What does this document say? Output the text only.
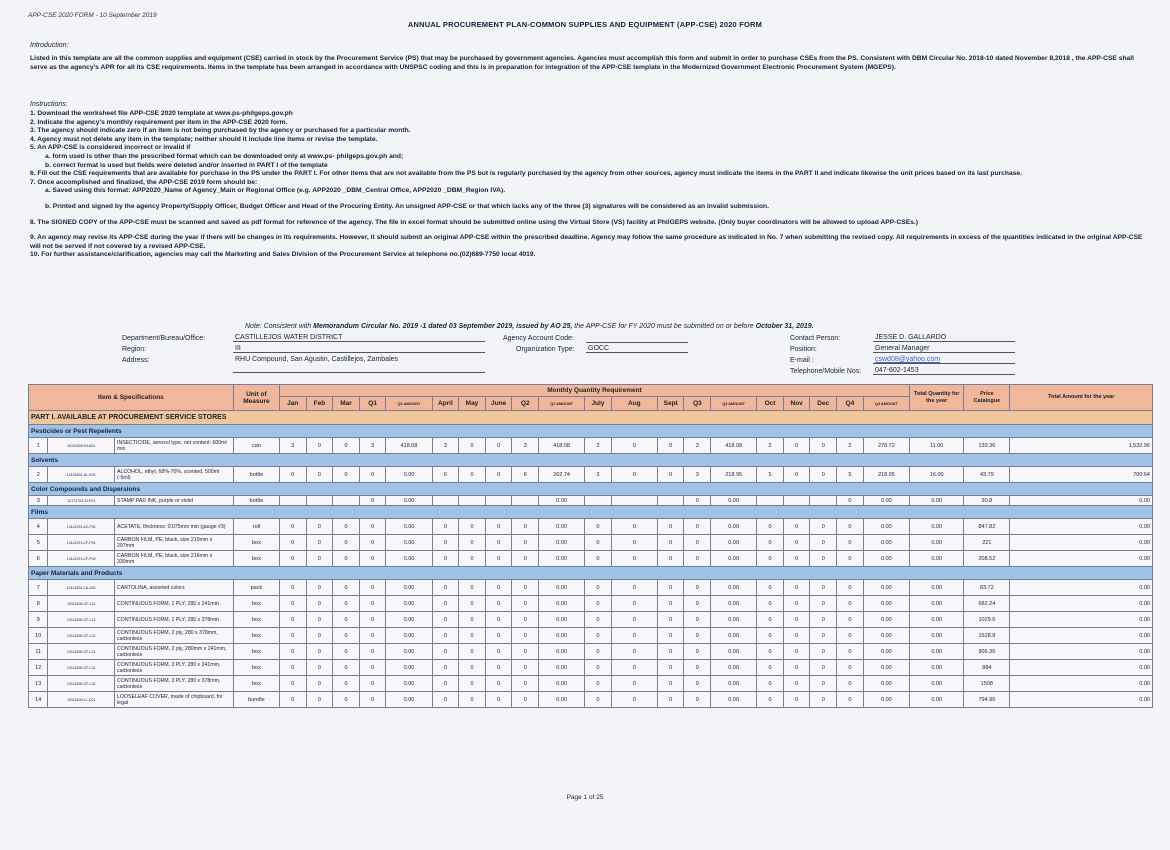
APP-CSE 2020 FORM - 10 September 2019
ANNUAL PROCUREMENT PLAN-COMMON SUPPLIES AND EQUIPMENT (APP-CSE) 2020 FORM
Introduction:
Listed in this template are all the common supplies and equipment (CSE) carried in stock by the Procurement Service (PS) that may be purchased by government agencies. Agencies must accomplish this form and submit in order to purchase CSEs from the PS. Consistent with DBM Circular No. 2018-10 dated November 8,2018 , the APP-CSE shall serve as the agency's APR for all its CSE requirements. Items in the template has been arranged in accordance with UNSPSC coding and this is in preparation for integration of the APP-CSE template in the Modernized Government Electronic Procurement System (MGEPS).
Instructions:
1. Download the worksheet file APP-CSE 2020 template at www.ps-philgeps.gov.ph
2. Indicate the agency's monthly requirement per item in the APP-CSE 2020 form.
3. The agency should indicate zero if an item is not being purchased by the agency or purchased for a particular month.
4. Agency must not delete any item in the template; neither should it include line items or revise the template.
5. An APP-CSE is considered incorrect or invalid if
a. form used is other than the prescribed format which can be downloaded only at www.ps- philgeps.gov.ph and;
b. correct format is used but fields were deleted and/or inserted in PART I of the template
6. Fill out the CSE requirements that are available for purchase in the PS under the PART I. For other items that are not available from the PS but is regularly purchased by the agency from other sources, agency must indicate the items in the PART II and indicate likewise the unit prices based on its last purchase.
7. Once accomplished and finalized, the APP-CSE 2019 form should be:
a. Saved using this format: APP2020_Name of Agency_Main or Regional Office (e.g. APP2020 _DBM_Central Office, APP2020 _DBM_Region IVA).
b. Printed and signed by the agency Property/Supply Officer, Budget Officer and Head of the Procuring Entity. An unsigned APP-CSE or that which lacks any of the three (3) signatures will be considered as an invalid submission.
8. The SIGNED COPY of the APP-CSE must be scanned and saved as pdf format for reference of the agency. The file in excel format should be submitted online using the Virtual Store (VS) facility at PhilGEPS website. (Only buyer coordinators will be allowed to upload APP-CSEs.)
9. An agency may revise its APP-CSE during the year if there will be changes in its requirements. However, it should submit an original APP-CSE within the prescribed deadline. Agency may follow the same procedure as indicated in No. 7 when submitting the revised copy. All requirements in excess of the quantities indicated in the original APP-CSE will not be served if not covered by a revised APP-CSE.
10. For further assistance/clarification, agencies may call the Marketing and Sales Division of the Procurement Service at telephone no.(02)689-7750 local 4019.
Note: Consistent with Memorandum Circular No. 2019 -1 dated 03 September 2019, issued by AO 25, the APP-CSE for FY 2020 must be submitted on or before October 31, 2019.
Department/Bureau/Office:	CASTILLEJOS WATER DISTRICT
Region:	III
Address:	RHU Compound, San Agustin, Castillejos, Zambales
Agency Account Code:
Organization Type: GOCC
Contact Person:	JESSE D. GALLARDO
Position:	General Manager
E-mail :	cswd08@yahoo.com
Telephone/Mobile Nos: 047-602-1453
Item & Specifications			Unit of Measure	Monthly Quantity Requirement																				Total Quantity for the year	Price Catalogue	Total Amount for the year
				Jan	Feb	Mar	Q1	Q1 AMOUNT	April	May	June	Q2	Q2 AMOUNT	July	Aug	Sept	Q3	Q3 AMOUNT	Oct	Nov	Dec	Q4	Q4 AMOUNT			
PART I. AVAILABLE AT PROCUREMENT SERVICE STORES																										
Pesticides or Pest Repellents																										
1	10191509-IN-A01	INSECTICIDE, aerosol type, net content: 600ml min	can	3	0	0	3	418.08	3	0	0	3	418.08	3	0	0	3	418.08	2	0	0	2	278.72	11.00	139.36	1,532.96
Solvents																										
2	12191601-AL-E01	ALCOHOL, ethyl, 68%-70%, scented, 500ml (-5ml)	bottle	0	0	0	0	0.00	6	0	0	6	262.74	3	0	0	3	218.95	5	0	0	5	218.95	16.00	43.79	700.64
Color Compounds and Dispersions																										
3	12171703-SI-P01	STAMP PAD INK, purple or violet	bottle				0	0.00					0.00				0	0.00				0	0.00	0.00	30.8	0.00
Films																										
4	13111203-AC-F01	ACETATE, thickness: 0.075mm min (gauge #3)	roll	0	0	0	0	0.00	0	0	0	0	0.00	0	0	0	0	0.00	0	0	0	0	0.00	0.00	847.82	0.00
5	13111201-CF-P01	CARBON FILM, PE, black, size 210mm x 297mm	box	0	0	0	0	0.00	0	0	0	0	0.00	0	0	0	0	0.00	0	0	0	0	0.00	0.00	221	0.00
6	13111201-CF-P02	CARBON FILM, PE, black, size 216mm x 330mm	box	0	0	0	0	0.00	0	0	0	0	0.00	0	0	0	0	0.00	0	0	0	0	0.00	0.00	208.52	0.00
Paper Materials and Products																										
7	14111525-CA-A01	CARTOLINA, assorted colors	pack	0	0	0	0	0.00	0	0	0	0	0.00	0	0	0	0	0.00	0	0	0	0	0.00	0.00	83.72	0.00
8	14111506-CF-L11	CONTINUOUS FORM, 1 PLY, 280 x 241mm	box	0	0	0	0	0.00	0	0	0	0	0.00	0	0	0	0	0.00	0	0	0	0	0.00	0.00	682.24	0.00
9	14111506-CF-L12	CONTINUOUS FORM, 1 PLY, 280 x 378mm	box	0	0	0	0	0.00	0	0	0	0	0.00	0	0	0	0	0.00	0	0	0	0	0.00	0.00	1029.6	0.00
10	14111506-CF-L22	CONTINUOUS FORM, 2 ply, 280 x 378mm, carbonless	box	0	0	0	0	0.00	0	0	0	0	0.00	0	0	0	0	0.00	0	0	0	0	0.00	0.00	1528.8	0.00
11	14111506-CF-L21	CONTINUOUS FORM, 2 ply, 280mm x 241mm, carbonless	box	0	0	0	0	0.00	0	0	0	0	0.00	0	0	0	0	0.00	0	0	0	0	0.00	0.00	906.36	0.00
12	14111506-CF-L31	CONTINUOUS FORM, 3 PLY, 280 x 241mm, carbonless	box	0	0	0	0	0.00	0	0	0	0	0.00	0	0	0	0	0.00	0	0	0	0	0.00	0.00	884	0.00
13	14111506-CF-L32	CONTINUOUS FORM, 3 PLY, 280 x 378mm, carbonless	box	0	0	0	0	0.00	0	0	0	0	0.00	0	0	0	0	0.00	0	0	0	0	0.00	0.00	1508	0.00
14	14111609-LL-C01	LOOSELEAF COVER, made of chipboard, for legal	bundle	0	0	0	0	0.00	0	0	0	0	0.00	0	0	0	0	0.00	0	0	0	0	0.00	0.00	794.96	0.00
Page 1 of 25
